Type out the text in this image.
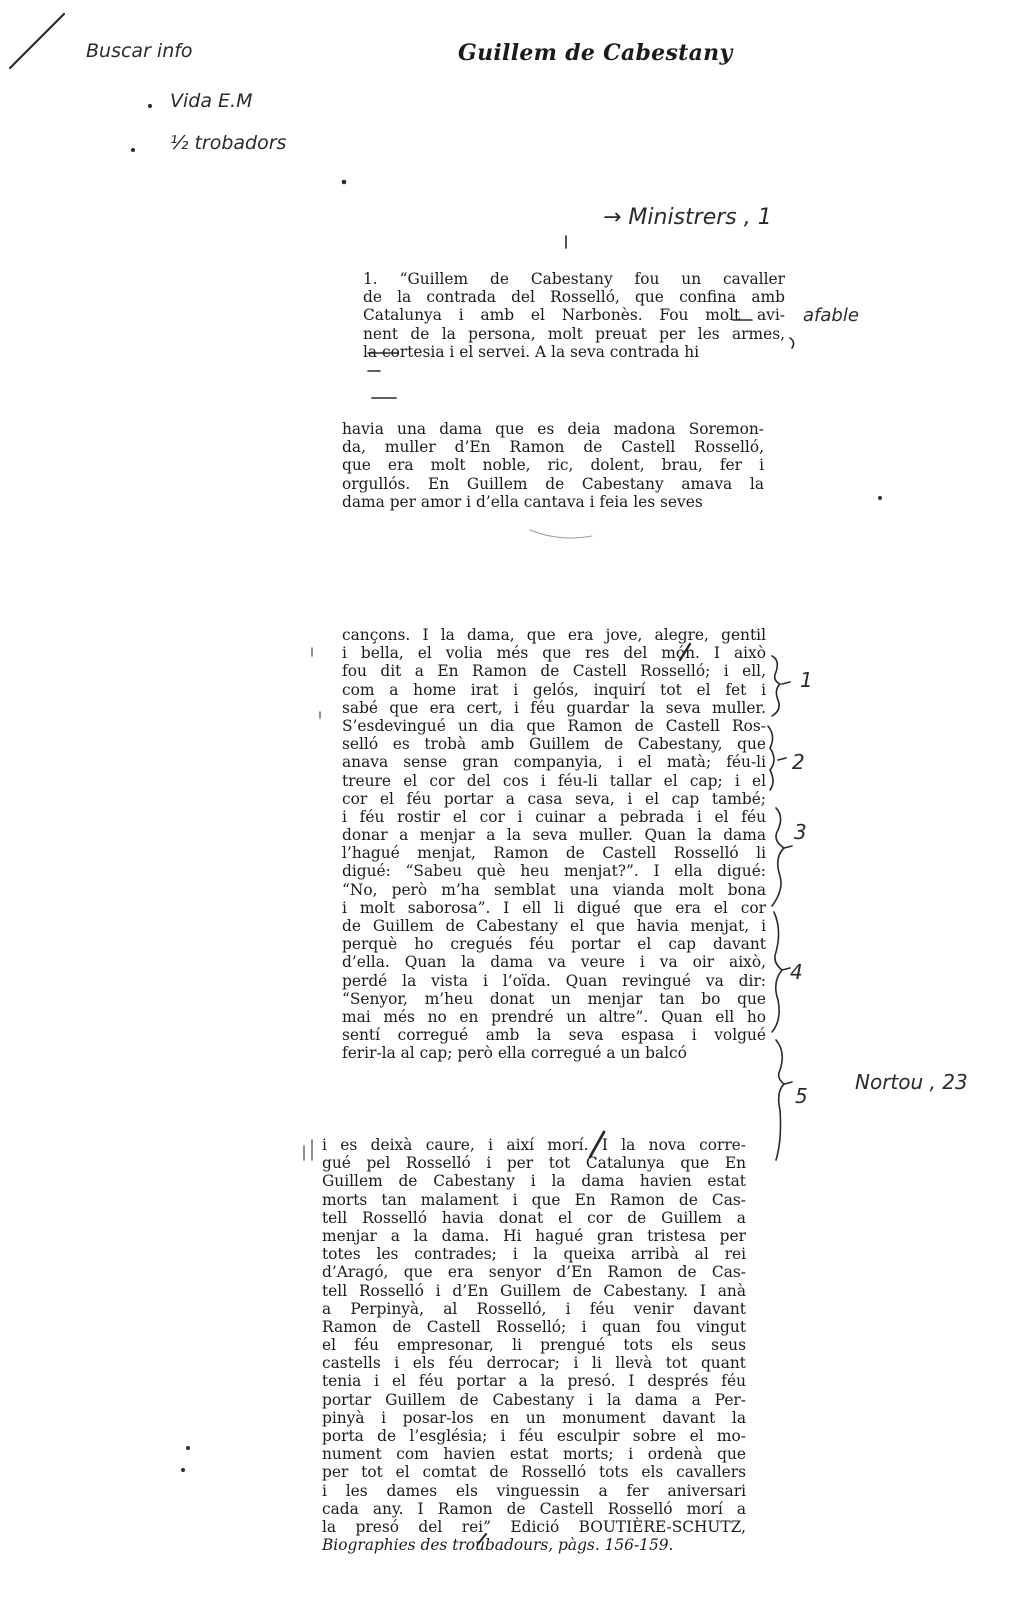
Guillem de Cabestany
1. “Guillem de Cabestany fou un cavaller
de la contrada del Rosselló, que confina amb
Catalunya i amb el Narbonès. Fou molt avi-
nent de la persona, molt preuat per les armes,
la cortesia i el servei. A la seva contrada hi
havia una dama que es deia madona Soremon-
da, muller d’En Ramon de Castell Rosselló,
que era molt noble, ric, dolent, brau, fer i
orgullós. En Guillem de Cabestany amava la
dama per amor i d’ella cantava i feia les seves
cançons. I la dama, que era jove, alegre, gentil
i bella, el volia més que res del món. I això
fou dit a En Ramon de Castell Rosselló; i ell,
com a home irat i gelós, inquirí tot el fet i
sabé que era cert, i féu guardar la seva muller.
S’esdevingué un dia que Ramon de Castell Ros-
selló es trobà amb Guillem de Cabestany, que
anava sense gran companyia, i el matà; féu-li
treure el cor del cos i féu-li tallar el cap; i el
cor el féu portar a casa seva, i el cap també;
i féu rostir el cor i cuinar a pebrada i el féu
donar a menjar a la seva muller. Quan la dama
l’hagué menjat, Ramon de Castell Rosselló li
digué: “Sabeu què heu menjat?”. I ella digué:
“No, però m’ha semblat una vianda molt bona
i molt saborosa”. I ell li digué que era el cor
de Guillem de Cabestany el que havia menjat, i
perquè ho cregués féu portar el cap davant
d’ella. Quan la dama va veure i va oir això,
perdé la vista i l’oïda. Quan revingué va dir:
“Senyor, m’heu donat un menjar tan bo que
mai més no en prendré un altre”. Quan ell ho
sentí corregué amb la seva espasa i volgué
ferir-la al cap; però ella corregué a un balcó
i es deixà caure, i així morí. I la nova corre-
gué pel Rosselló i per tot Catalunya que En
Guillem de Cabestany i la dama havien estat
morts tan malament i que En Ramon de Cas-
tell Rosselló havia donat el cor de Guillem a
menjar a la dama. Hi hagué gran tristesa per
totes les contrades; i la queixa arribà al rei
d’Aragó, que era senyor d’En Ramon de Cas-
tell Rosselló i d’En Guillem de Cabestany. I anà
a Perpinyà, al Rosselló, i féu venir davant
Ramon de Castell Rosselló; i quan fou vingut
el féu empresonar, li prengué tots els seus
castells i els féu derrocar; i li llevà tot quant
tenia i el féu portar a la presó. I després féu
portar Guillem de Cabestany i la dama a Per-
pinyà i posar-los en un monument davant la
porta de l’església; i féu esculpir sobre el mo-
nument com havien estat morts; i ordenà que
per tot el comtat de Rosselló tots els cavallers
i les dames els vinguessin a fer aniversari
cada any. I Ramon de Castell Rosselló morí a
la presó del rei” Edició BOUTIÈRE-SCHUTZ,
Biographies des troubadours, pàgs. 156-159.
Buscar info
Vida E.M
½ trobadors
→ Ministrers , 1
afable
Nortou , 23
1
2
3
4
5
